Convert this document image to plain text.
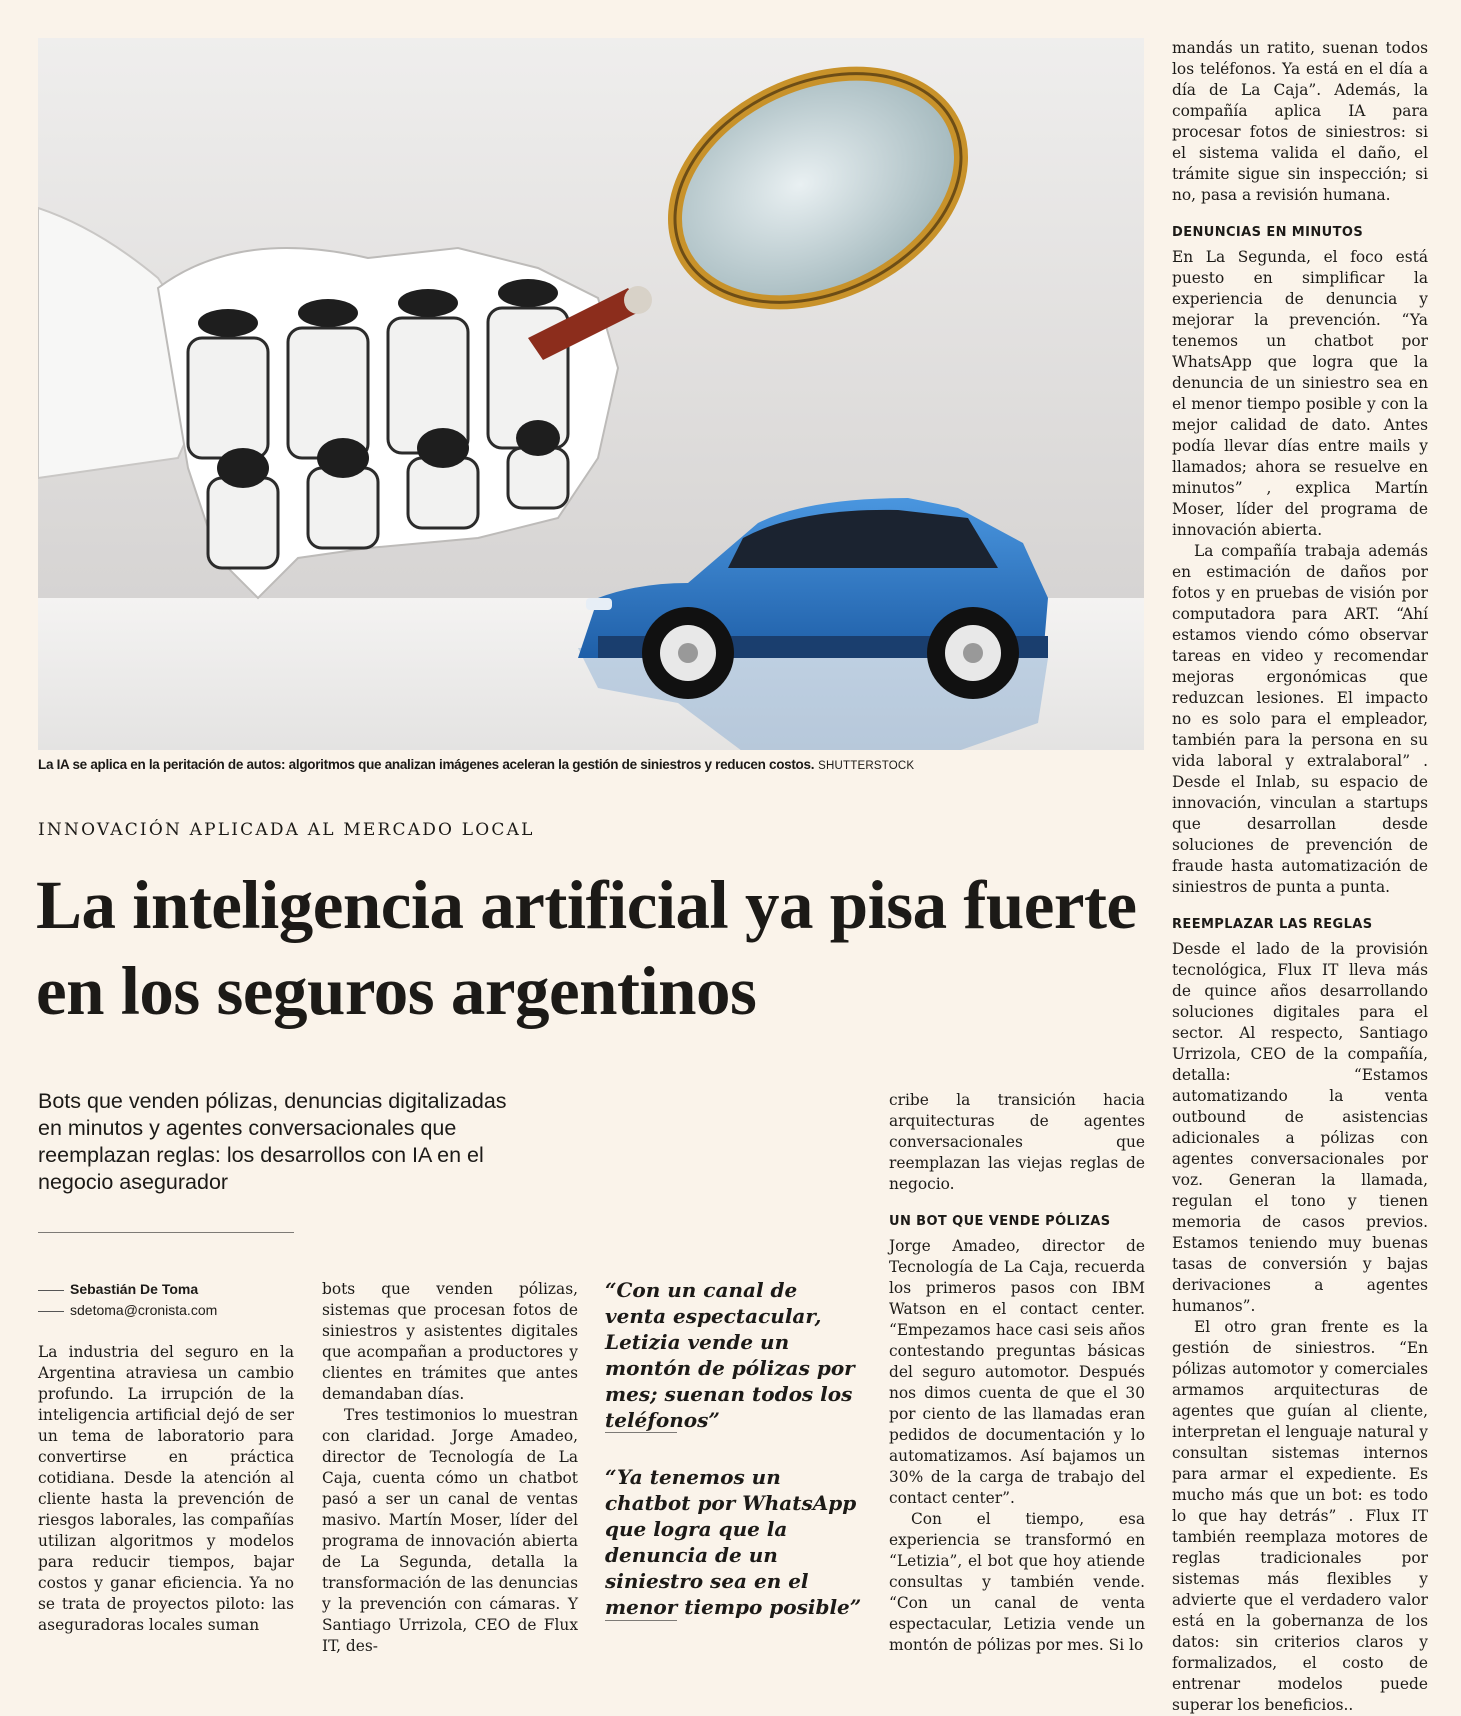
La IA se aplica en la peritación de autos: algoritmos que analizan imágenes aceleran la gestión de siniestros y reducen costos. SHUTTERSTOCK
INNOVACIÓN APLICADA AL MERCADO LOCAL
La inteligencia artificial ya pisa fuerte en los seguros argentinos

Bots que venden pólizas, denuncias digitalizadas en minutos y agentes conversacionales que reemplazan reglas: los desarrollos con IA en el negocio asegurador

Sebastián De Toma
sdetoma@cronista.com

La industria del seguro en la Argentina atraviesa un cambio profundo. La irrupción de la inteligencia artificial dejó de ser un tema de laboratorio para convertirse en práctica cotidiana. Desde la atención al cliente hasta la prevención de riesgos laborales, las compañías utilizan algoritmos y modelos para reducir tiempos, bajar costos y ganar eficiencia. Ya no se trata de proyectos piloto: las aseguradoras locales suman

bots que venden pólizas, sistemas que procesan fotos de siniestros y asistentes digitales que acompañan a productores y clientes en trámites que antes demandaban días.

Tres testimonios lo muestran con claridad. Jorge Amadeo, director de Tecnología de La Caja, cuenta cómo un chatbot pasó a ser un canal de ventas masivo. Martín Moser, líder del programa de innovación abierta de La Segunda, detalla la transformación de las denuncias y la prevención con cámaras. Y Santiago Urrizola, CEO de Flux IT, des-

“Con un canal de venta espectacular, Letizia vende un montón de pólizas por mes; suenan todos los teléfonos”

“Ya tenemos un chatbot por WhatsApp que logra que la denuncia de un siniestro sea en el menor tiempo posible”

cribe la transición hacia arquitecturas de agentes conversacionales que reemplazan las viejas reglas de negocio.

UN BOT QUE VENDE PÓLIZAS

Jorge Amadeo, director de Tecnología de La Caja, recuerda los primeros pasos con IBM Watson en el contact center. “Empezamos hace casi seis años contestando preguntas básicas del seguro automotor. Después nos dimos cuenta de que el 30 por ciento de las llamadas eran pedidos de documentación y lo automatizamos. Así bajamos un 30% de la carga de trabajo del contact center”.

Con el tiempo, esa experiencia se transformó en “Letizia”, el bot que hoy atiende consultas y también vende. “Con un canal de venta espectacular, Letizia vende un montón de pólizas por mes. Si lo

mandás un ratito, suenan todos los teléfonos. Ya está en el día a día de La Caja”. Además, la compañía aplica IA para procesar fotos de siniestros: si el sistema valida el daño, el trámite sigue sin inspección; si no, pasa a revisión humana.

DENUNCIAS EN MINUTOS

En La Segunda, el foco está puesto en simplificar la experiencia de denuncia y mejorar la prevención. “Ya tenemos un chatbot por WhatsApp que logra que la denuncia de un siniestro sea en el menor tiempo posible y con la mejor calidad de dato. Antes podía llevar días entre mails y llamados; ahora se resuelve en minutos” , explica Martín Moser, líder del programa de innovación abierta.

La compañía trabaja además en estimación de daños por fotos y en pruebas de visión por computadora para ART. “Ahí estamos viendo cómo observar tareas en video y recomendar mejoras ergonómicas que reduzcan lesiones. El impacto no es solo para el empleador, también para la persona en su vida laboral y extralaboral” . Desde el Inlab, su espacio de innovación, vinculan a startups que desarrollan desde soluciones de prevención de fraude hasta automatización de siniestros de punta a punta.

REEMPLAZAR LAS REGLAS

Desde el lado de la provisión tecnológica, Flux IT lleva más de quince años desarrollando soluciones digitales para el sector. Al respecto, Santiago Urrizola, CEO de la compañía, detalla: “Estamos automatizando la venta outbound de asistencias adicionales a pólizas con agentes conversacionales por voz. Generan la llamada, regulan el tono y tienen memoria de casos previos. Estamos teniendo muy buenas tasas de conversión y bajas derivaciones a agentes humanos”.

El otro gran frente es la gestión de siniestros. “En pólizas automotor y comerciales armamos arquitecturas de agentes que guían al cliente, interpretan el lenguaje natural y consultan sistemas internos para armar el expediente. Es mucho más que un bot: es todo lo que hay detrás” . Flux IT también reemplaza motores de reglas tradicionales por sistemas más flexibles y advierte que el verdadero valor está en la gobernanza de los datos: sin criterios claros y formalizados, el costo de entrenar modelos puede superar los beneficios..
